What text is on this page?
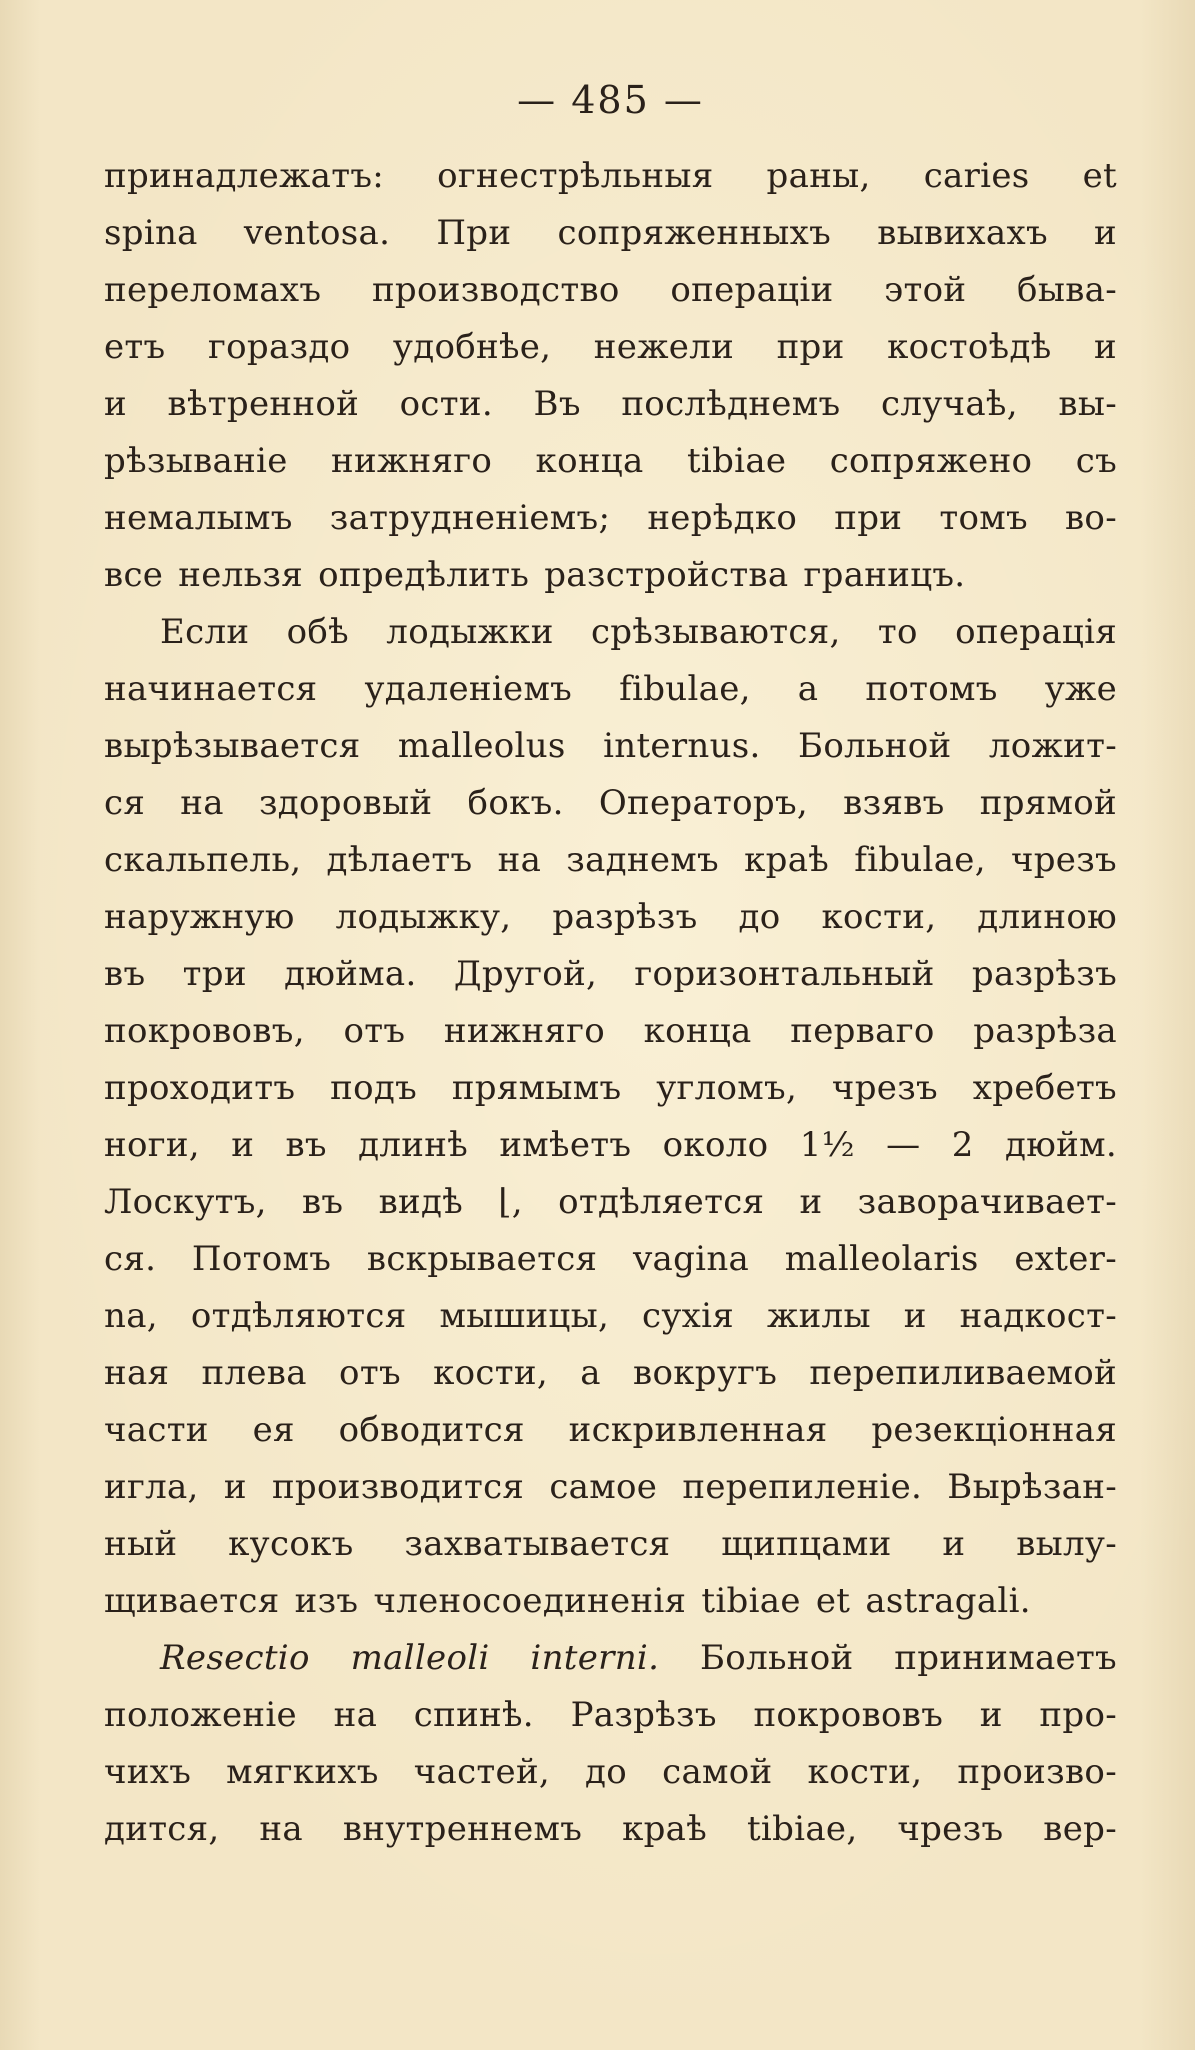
— 485 —
принадлежатъ: огнестрѣльныя раны, caries et
spina ventosa. При сопряженныхъ вывихахъ и
переломахъ производство операціи этой быва-
етъ гораздо удобнѣе, нежели при костоѣдѣ и
и вѣтренной ости. Въ послѣднемъ случаѣ, вы-
рѣзываніе нижняго конца tibiae сопряжено съ
немалымъ затрудненіемъ; нерѣдко при томъ во-
все нельзя опредѣлить разстройства границъ.
Если обѣ лодыжки срѣзываются, то операція
начинается удаленіемъ fibulae, а потомъ уже
вырѣзывается malleolus internus. Больной ложит-
ся на здоровый бокъ. Операторъ, взявъ прямой
скальпель, дѣлаетъ на заднемъ краѣ fibulae, чрезъ
наружную лодыжку, разрѣзъ до кости, длиною
въ три дюйма. Другой, горизонтальный разрѣзъ
покрововъ, отъ нижняго конца перваго разрѣза
проходитъ подъ прямымъ угломъ, чрезъ хребетъ
ноги, и въ длинѣ имѣетъ около 1½ — 2 дюйм.
Лоскутъ, въ видѣ ⌊, отдѣляется и заворачивает-
ся. Потомъ вскрывается vagina malleolaris exter-
na, отдѣляются мышицы, сухія жилы и надкост-
ная плева отъ кости, а вокругъ перепиливаемой
части ея обводится искривленная резекціонная
игла, и производится самое перепиленіе. Вырѣзан-
ный кусокъ захватывается щипцами и вылу-
щивается изъ членосоединенія tibiae et astragali.
Resectio malleoli interni. Больной принимаетъ
положеніе на спинѣ. Разрѣзъ покрововъ и про-
чихъ мягкихъ частей, до самой кости, произво-
дится, на внутреннемъ краѣ tibiae, чрезъ вер-
